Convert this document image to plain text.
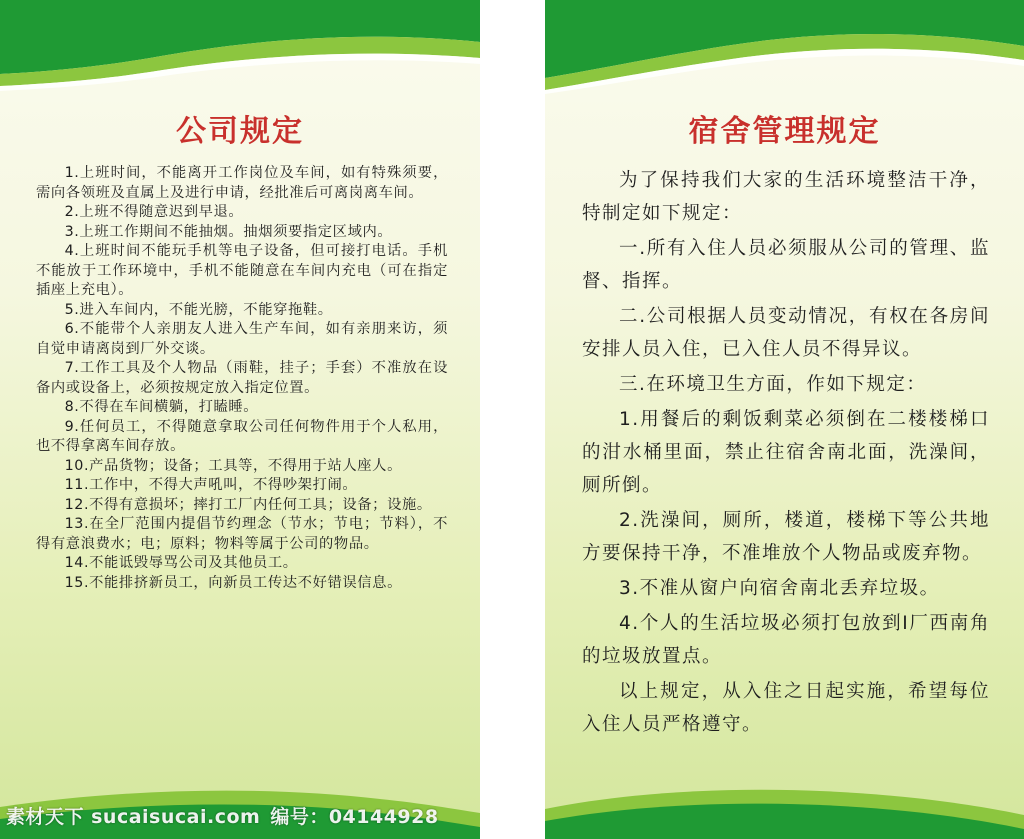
公司规定

1.上班时间，不能离开工作岗位及车间，如有特殊须要，需向各领班及直属上及进行申请，经批准后可离岗离车间。

2.上班不得随意迟到早退。

3.上班工作期间不能抽烟。抽烟须要指定区域内。

4.上班时间不能玩手机等电子设备，但可接打电话。手机不能放于工作环境中，手机不能随意在车间内充电（可在指定插座上充电）。

5.进入车间内，不能光膀，不能穿拖鞋。

6.不能带个人亲朋友人进入生产车间，如有亲朋来访，须自觉申请离岗到厂外交谈。

7.工作工具及个人物品（雨鞋，挂子；手套）不准放在设备内或设备上，必须按规定放入指定位置。

8.不得在车间横躺，打瞌睡。

9.任何员工，不得随意拿取公司任何物件用于个人私用，也不得拿离车间存放。

10.产品货物；设备；工具等，不得用于站人座人。

11.工作中，不得大声吼叫，不得吵架打闹。

12.不得有意损坏；摔打工厂内任何工具；设备；设施。

13.在全厂范围内提倡节约理念（节水；节电；节料），不得有意浪费水；电；原料；物料等属于公司的物品。

14.不能诋毁辱骂公司及其他员工。

15.不能排挤新员工，向新员工传达不好错误信息。

素材天下 sucaisucai.com 编号：04144928
宿舍管理规定

为了保持我们大家的生活环境整洁干净，特制定如下规定：

一.所有入住人员必须服从公司的管理、监督、指挥。

二.公司根据人员变动情况，有权在各房间安排人员入住，已入住人员不得异议。

三.在环境卫生方面，作如下规定：

1.用餐后的剩饭剩菜必须倒在二楼楼梯口的泔水桶里面，禁止往宿舍南北面，洗澡间，厕所倒。

2.洗澡间，厕所，楼道，楼梯下等公共地方要保持干净，不准堆放个人物品或废弃物。

3.不准从窗户向宿舍南北丢弃垃圾。

4.个人的生活垃圾必须打包放到I厂西南角的垃圾放置点。

以上规定，从入住之日起实施，希望每位入住人员严格遵守。
